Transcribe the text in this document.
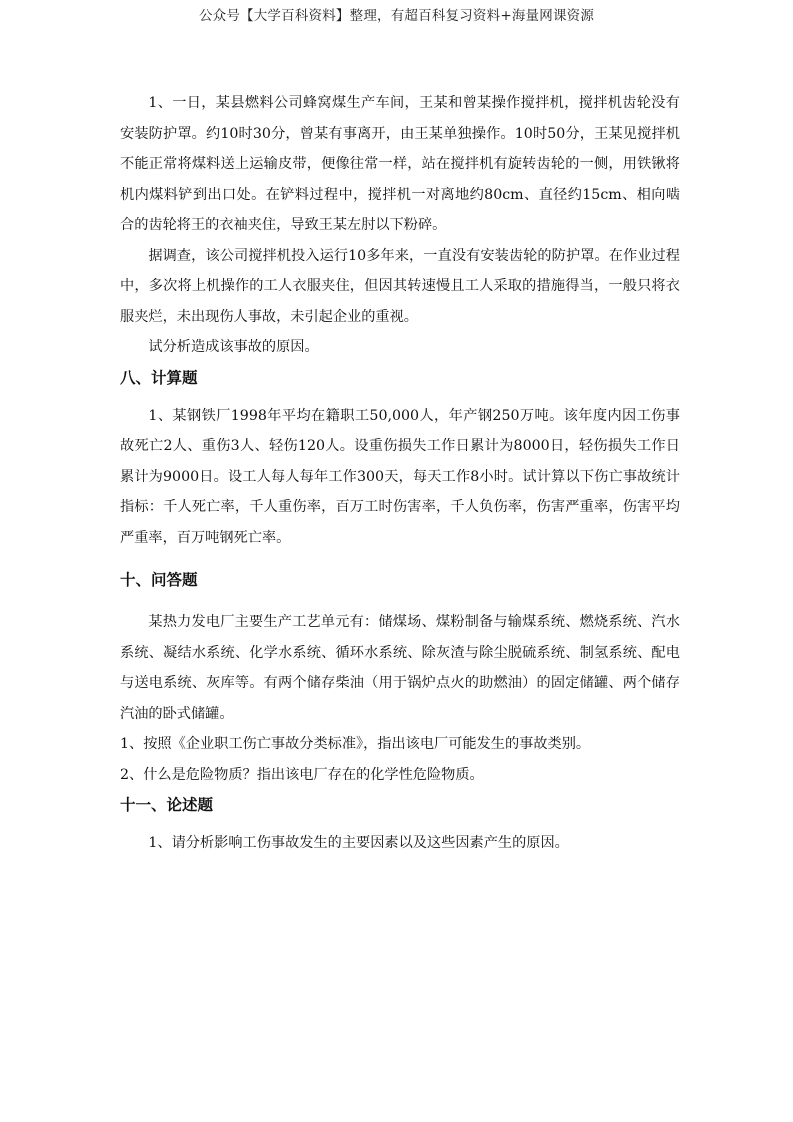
公众号【大学百科资料】整理，有超百科复习资料+海量网课资源

1、一日，某县燃料公司蜂窝煤生产车间，王某和曾某操作搅拌机，搅拌机齿轮没有安装防护罩。约10时30分，曾某有事离开，由王某单独操作。10时50分，王某见搅拌机不能正常将煤料送上运输皮带，便像往常一样，站在搅拌机有旋转齿轮的一侧，用铁锹将机内煤料铲到出口处。在铲料过程中，搅拌机一对离地约80cm、直径约15cm、相向啮合的齿轮将王的衣袖夹住，导致王某左肘以下粉碎。

据调查，该公司搅拌机投入运行10多年来，一直没有安装齿轮的防护罩。在作业过程中，多次将上机操作的工人衣服夹住，但因其转速慢且工人采取的措施得当，一般只将衣服夹烂，未出现伤人事故，未引起企业的重视。

试分析造成该事故的原因。

八、计算题

1、某钢铁厂1998年平均在籍职工50,000人，年产钢250万吨。该年度内因工伤事故死亡2人、重伤3人、轻伤120人。设重伤损失工作日累计为8000日，轻伤损失工作日累计为9000日。设工人每人每年工作300天，每天工作8小时。试计算以下伤亡事故统计指标：千人死亡率，千人重伤率，百万工时伤害率，千人负伤率，伤害严重率，伤害平均严重率，百万吨钢死亡率。

十、问答题

某热力发电厂主要生产工艺单元有：储煤场、煤粉制备与输煤系统、燃烧系统、汽水系统、凝结水系统、化学水系统、循环水系统、除灰渣与除尘脱硫系统、制氢系统、配电与送电系统、灰库等。有两个储存柴油（用于锅炉点火的助燃油）的固定储罐、两个储存汽油的卧式储罐。

1、按照《企业职工伤亡事故分类标准》，指出该电厂可能发生的事故类别。

2、什么是危险物质？指出该电厂存在的化学性危险物质。

十一、论述题

1、请分析影响工伤事故发生的主要因素以及这些因素产生的原因。
